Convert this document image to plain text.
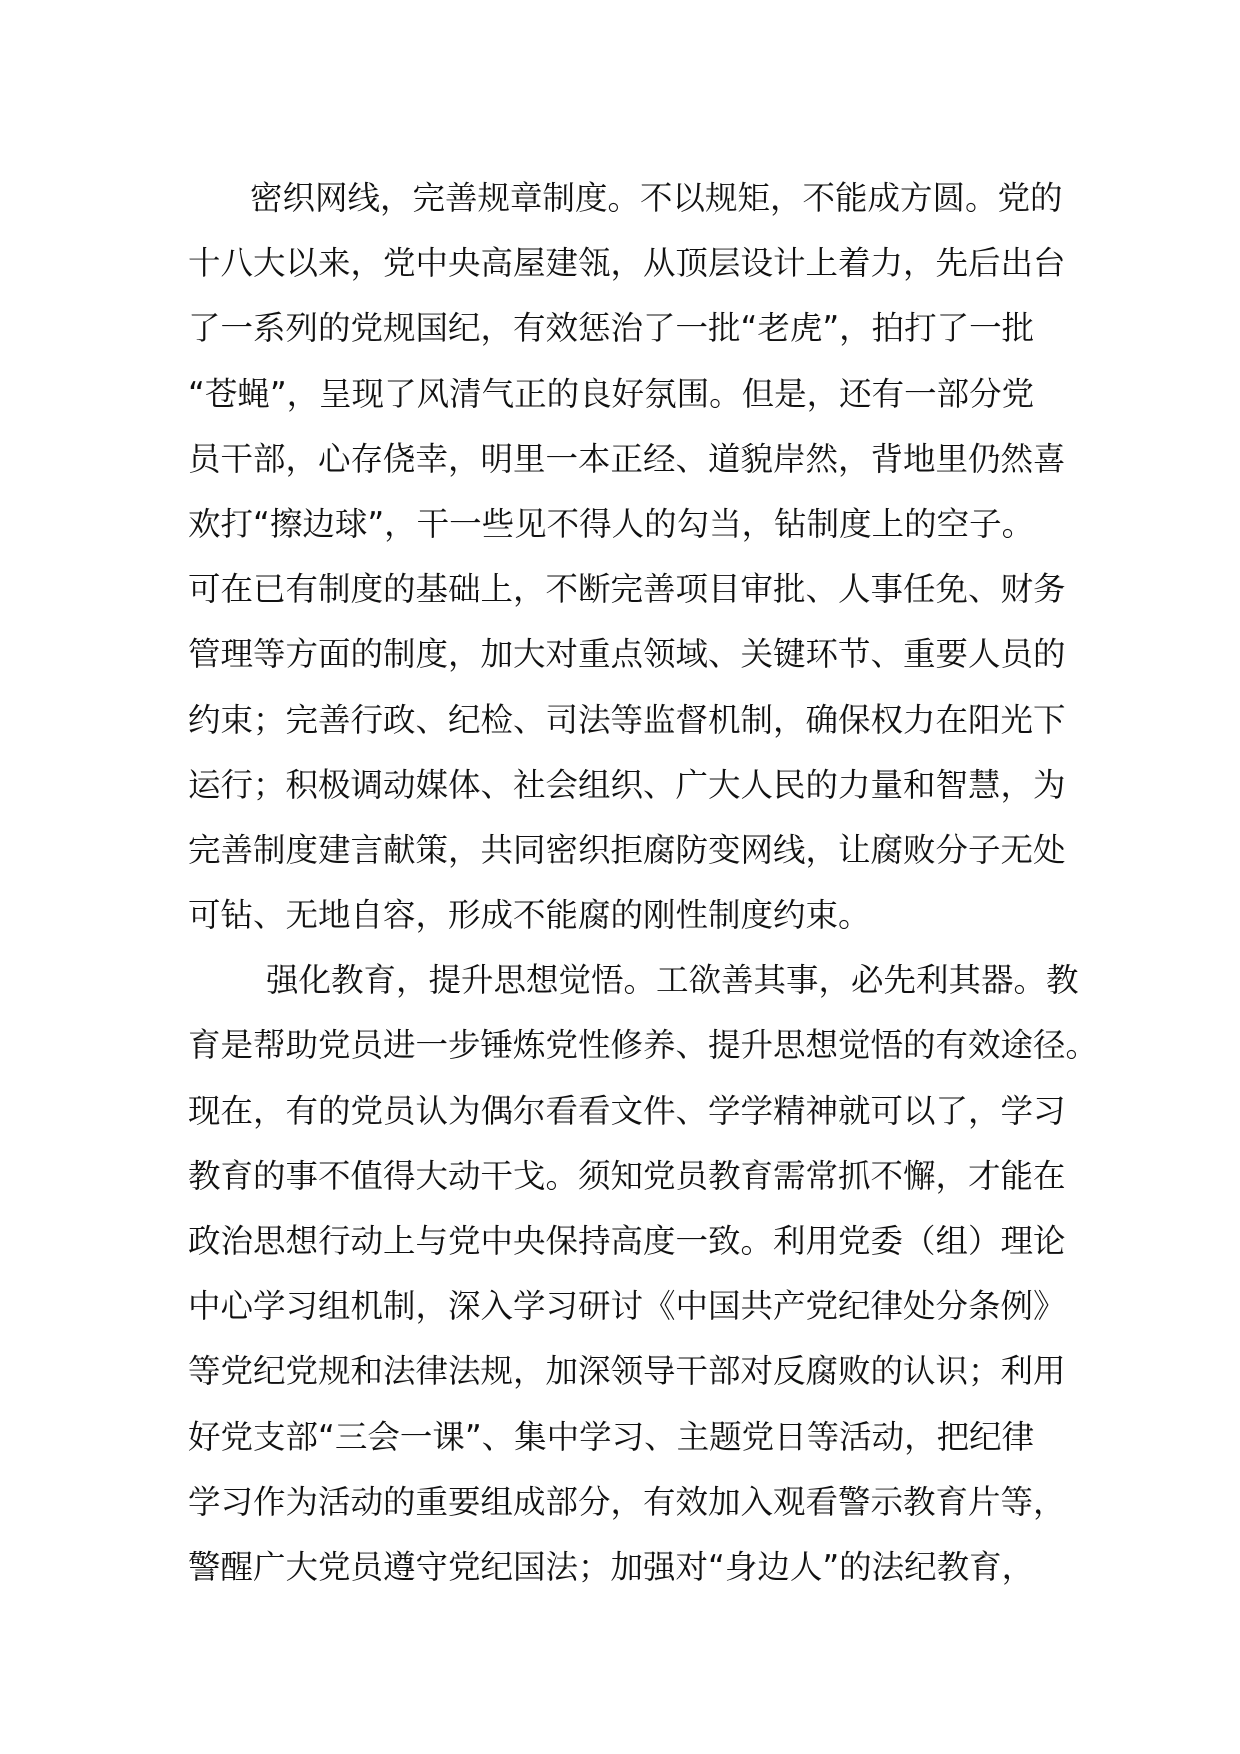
密织网线，完善规章制度。不以规矩，不能成方圆。党的
十八大以来，党中央高屋建瓴，从顶层设计上着力，先后出台
了一系列的党规国纪，有效惩治了一批“老虎”，拍打了一批
“苍蝇”，呈现了风清气正的良好氛围。但是，还有一部分党
员干部，心存侥幸，明里一本正经、道貌岸然，背地里仍然喜
欢打“擦边球”，干一些见不得人的勾当，钻制度上的空子。
可在已有制度的基础上，不断完善项目审批、人事任免、财务
管理等方面的制度，加大对重点领域、关键环节、重要人员的
约束；完善行政、纪检、司法等监督机制，确保权力在阳光下
运行；积极调动媒体、社会组织、广大人民的力量和智慧，为
完善制度建言献策，共同密织拒腐防变网线，让腐败分子无处
可钻、无地自容，形成不能腐的刚性制度约束。
强化教育，提升思想觉悟。工欲善其事，必先利其器。教
育是帮助党员进一步锤炼党性修养、提升思想觉悟的有效途径。
现在，有的党员认为偶尔看看文件、学学精神就可以了，学习
教育的事不值得大动干戈。须知党员教育需常抓不懈，才能在
政治思想行动上与党中央保持高度一致。利用党委（组）理论
中心学习组机制，深入学习研讨《中国共产党纪律处分条例》
等党纪党规和法律法规，加深领导干部对反腐败的认识；利用
好党支部“三会一课”、集中学习、主题党日等活动，把纪律
学习作为活动的重要组成部分，有效加入观看警示教育片等，
警醒广大党员遵守党纪国法；加强对“身边人”的法纪教育，
